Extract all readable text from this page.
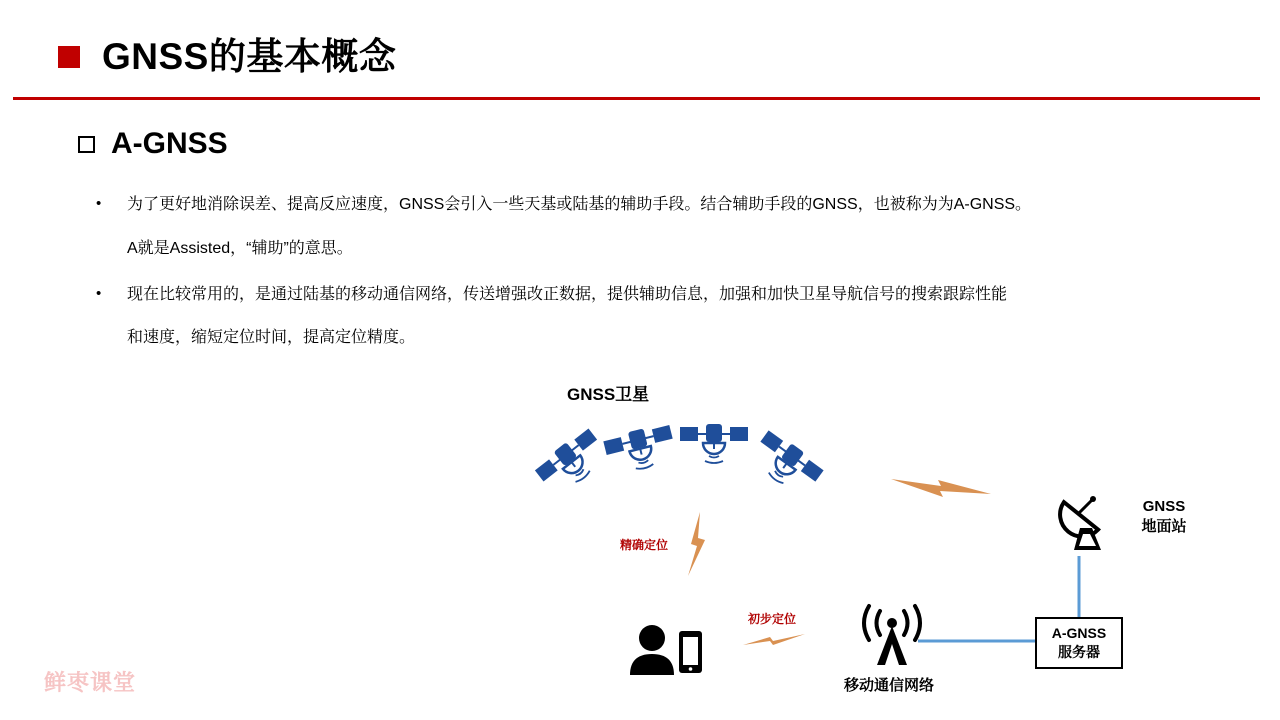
GNSS的基本概念
A-GNSS
• 为了更好地消除误差、提高反应速度，GNSS会引入一些天基或陆基的辅助手段。结合辅助手段的GNSS，也被称为为A-GNSS。
A就是Assisted，“辅助”的意思。
• 现在比较常用的，是通过陆基的移动通信网络，传送增强改正数据，提供辅助信息，加强和加快卫星导航信号的搜索跟踪性能
和速度，缩短定位时间，提高定位精度。
GNSS卫星
精确定位
初步定位
GNSS
地面站
A-GNSS
服务器
移动通信网络
鲜枣课堂
